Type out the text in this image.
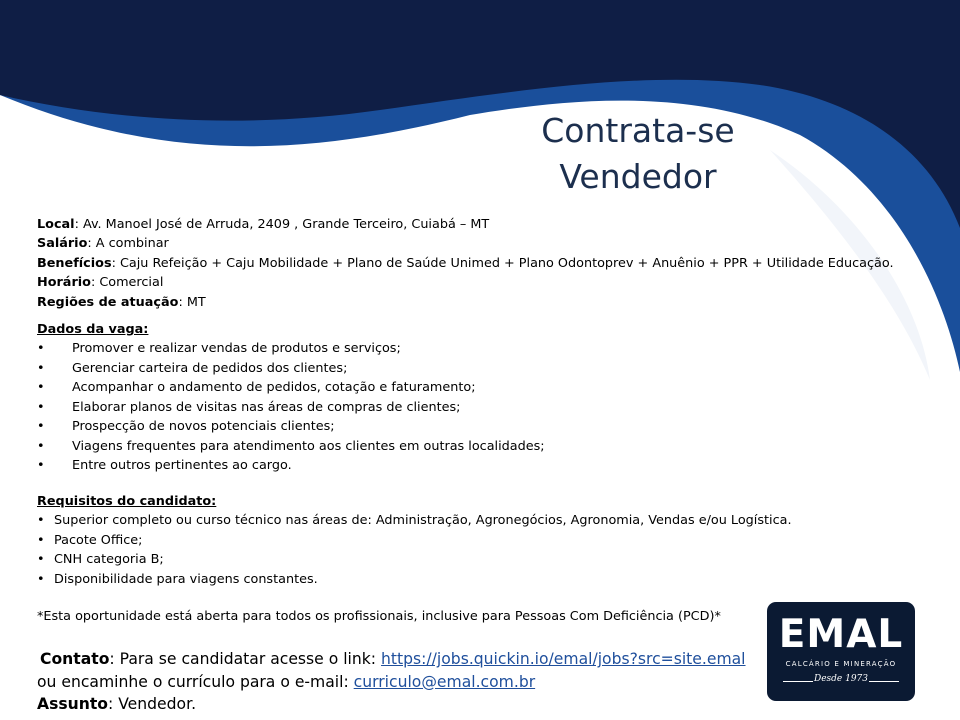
Contrata-se
Vendedor
Local: Av. Manoel José de Arruda, 2409 , Grande Terceiro, Cuiabá – MT
Salário: A combinar
Benefícios: Caju Refeição + Caju Mobilidade + Plano de Saúde Unimed + Plano Odontoprev + Anuênio + PPR + Utilidade Educação.
Horário: Comercial
Regiões de atuação: MT
Dados da vaga:
• Promover e realizar vendas de produtos e serviços;
• Gerenciar carteira de pedidos dos clientes;
• Acompanhar o andamento de pedidos, cotação e faturamento;
• Elaborar planos de visitas nas áreas de compras de clientes;
• Prospecção de novos potenciais clientes;
• Viagens frequentes para atendimento aos clientes em outras localidades;
• Entre outros pertinentes ao cargo.
Requisitos do candidato:
• Superior completo ou curso técnico nas áreas de: Administração, Agronegócios, Agronomia, Vendas e/ou Logística.
• Pacote Office;
• CNH categoria B;
• Disponibilidade para viagens constantes.
*Esta oportunidade está aberta para todos os profissionais, inclusive para Pessoas Com Deficiência (PCD)*
Contato: Para se candidatar acesse o link: https://jobs.quickin.io/emal/jobs?src=site.emal
ou encaminhe o currículo para o e-mail: curriculo@emal.com.br
Assunto: Vendedor.
EMAL
CALCÁRIO E MINERAÇÃO
Desde 1973
